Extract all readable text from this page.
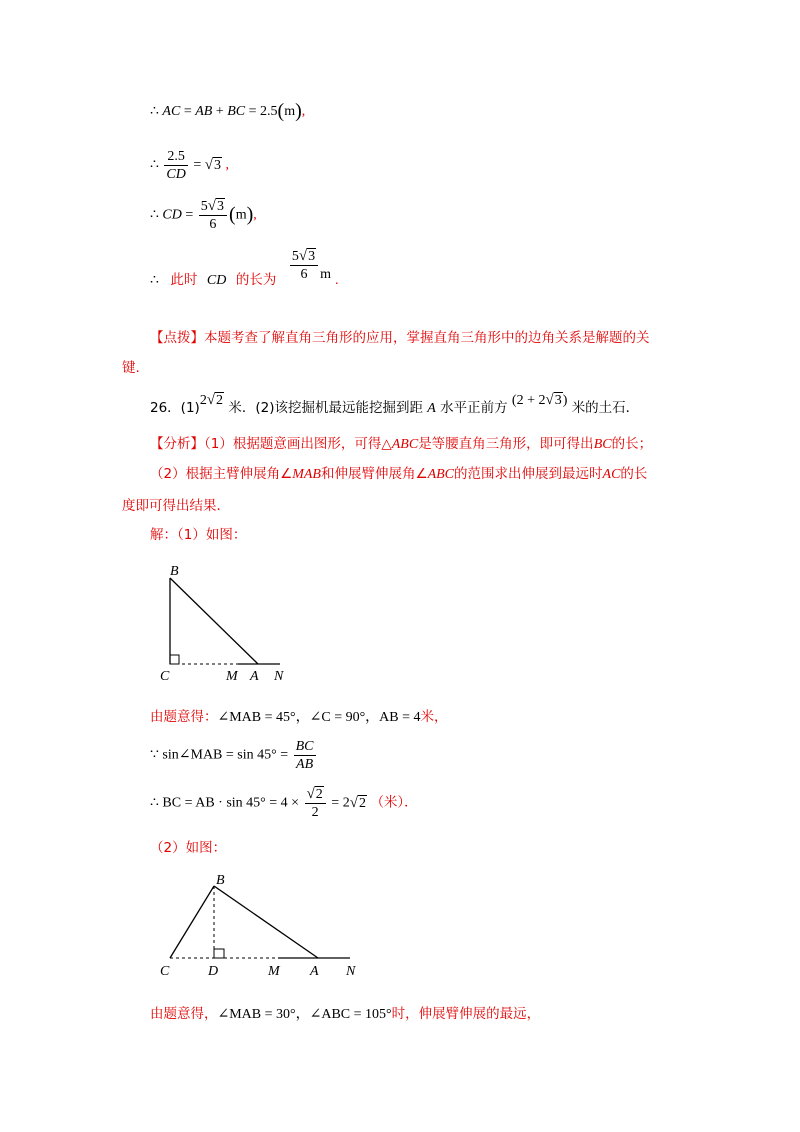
∴ AC = AB + BC = 2.5(m),
∴ $\frac{2.5}{CD} = √3$ ,
∴ CD = $\frac{5√3}{6} (m)$,
∴ 此时 CD 的长为 $\frac{5√3}{6}$ m .
【点拨】本题考查了解直角三角形的应用，掌握直角三角形中的边角关系是解题的关
键.
26．(1)2√2 米．(2)该挖掘机最远能挖掘到距 A 水平正前方 (2 + 2√3) 米的土石．
【分析】（1）根据题意画出图形，可得△ABC是等腰直角三角形，即可得出BC的长；
（2）根据主臂伸展角∠MAB和伸展臂伸展角∠ABC的范围求出伸展到最远时AC的长
度即可得出结果．
解：（1）如图：
B
C	M A N
由题意得：∠MAB = 45°，∠C = 90°，AB = 4米，
∵ sin∠MAB = $\sin 45^\circ = \frac{BC}{AB}$
∴ BC = AB · $\sin 45^\circ = 4 \times \frac{√2}{2} = 2√2$ （米）．
（2）如图：
B
C	D	M A N
由题意得，∠MAB = 30°，∠ABC = 105°时，伸展臂伸展的最远，
